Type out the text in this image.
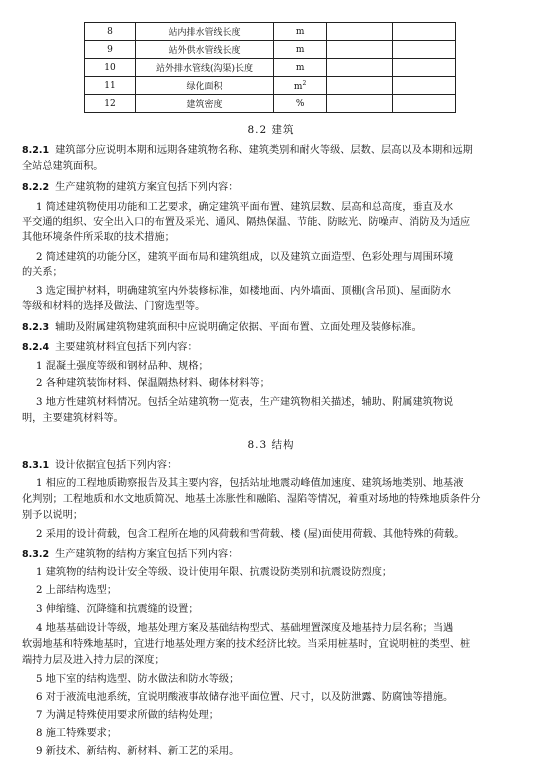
8	站内排水管线长度	m		
9	站外供水管线长度	m		
10	站外排水管线(沟渠)长度	m		
11	绿化面积	$m^2$		
12	建筑密度	%		
8.2 建筑
8.2.1 建筑部分应说明本期和远期各建筑物名称、建筑类别和耐火等级、层数、层高以及本期和远期
全站总建筑面积。
8.2.2 生产建筑物的建筑方案宜包括下列内容：
1 简述建筑物使用功能和工艺要求，确定建筑平面布置、建筑层数、层高和总高度，垂直及水
平交通的组织、安全出入口的布置及采光、通风、隔热保温、节能、防眩光、防噪声、消防及为适应
其他环境条件所采取的技术措施；
2 简述建筑的功能分区，建筑平面布局和建筑组成，以及建筑立面造型、色彩处理与周围环境
的关系；
3 选定围护材料，明确建筑室内外装修标准，如楼地面、内外墙面、顶棚(含吊顶)、屋面防水
等级和材料的选择及做法、门窗选型等。
8.2.3 辅助及附属建筑物建筑面积中应说明确定依据、平面布置、立面处理及装修标准。
8.2.4 主要建筑材料宜包括下列内容：
1 混凝土强度等级和钢材品种、规格；
2 各种建筑装饰材料、保温隔热材料、砌体材料等；
3 地方性建筑材料情况。包括全站建筑物一览表，生产建筑物相关描述，辅助、附属建筑物说
明，主要建筑材料等。
8.3 结构
8.3.1 设计依据宜包括下列内容：
1 相应的工程地质勘察报告及其主要内容，包括站址地震动峰值加速度、建筑场地类别、地基液
化判别；工程地质和水文地质简况、地基土冻胀性和融陷、湿陷等情况，着重对场地的特殊地质条件分
别予以说明；
2 采用的设计荷载，包含工程所在地的风荷载和雪荷载、楼 (屋)面使用荷载、其他特殊的荷载。
8.3.2 生产建筑物的结构方案宜包括下列内容：
1 建筑物的结构设计安全等级、设计使用年限、抗震设防类别和抗震设防烈度；
2 上部结构选型；
3 伸缩缝、沉降缝和抗震缝的设置；
4 地基基础设计等级，地基处理方案及基础结构型式、基础埋置深度及地基持力层名称；当遇
软弱地基和特殊地基时，宜进行地基处理方案的技术经济比较。当采用桩基时，宜说明桩的类型、桩
端持力层及进入持力层的深度；
5 地下室的结构选型、防水做法和防水等级；
6 对于液流电池系统，宜说明酸液事故储存池平面位置、尺寸，以及防泄露、防腐蚀等措施。
7 为满足特殊使用要求所做的结构处理；
8 施工特殊要求；
9 新技术、新结构、新材料、新工艺的采用。
